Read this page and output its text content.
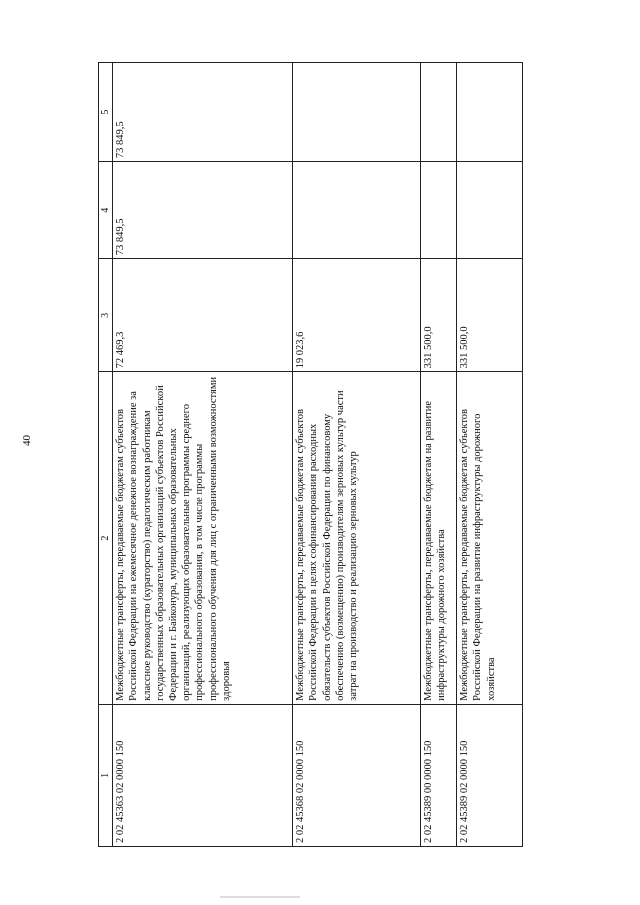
40
1	2	3	4	5
2 02 45363 02 0000 150	Межбюджетные трансферты, передаваемые бюджетам субъектов Российской Федерации на ежемесячное денежное вознаграждение за классное руководство (кураторство) педагогическим работникам государственных образовательных организаций субъектов Российской Федерации и г. Байконура, муниципальных образовательных организаций, реализующих образовательные программы среднего профессионального образования, в том числе программы профессионального обучения для лиц с ограниченными возможностями здоровья	72 469,3	73 849,5	73 849,5
2 02 45368 02 0000 150	Межбюджетные трансферты, передаваемые бюджетам субъектов Российской Федерации в целях софинансирования расходных обязательств субъектов Российской Федерации по финансовому обеспечению (возмещению) производителям зерновых культур части затрат на производство и реализацию зерновых культур	19 023,6		
2 02 45389 00 0000 150	Межбюджетные трансферты, передаваемые бюджетам на развитие инфраструктуры дорожного хозяйства	331 500,0		
2 02 45389 02 0000 150	Межбюджетные трансферты, передаваемые бюджетам субъектов Российской Федерации на развитие инфраструктуры дорожного хозяйства	331 500,0		
